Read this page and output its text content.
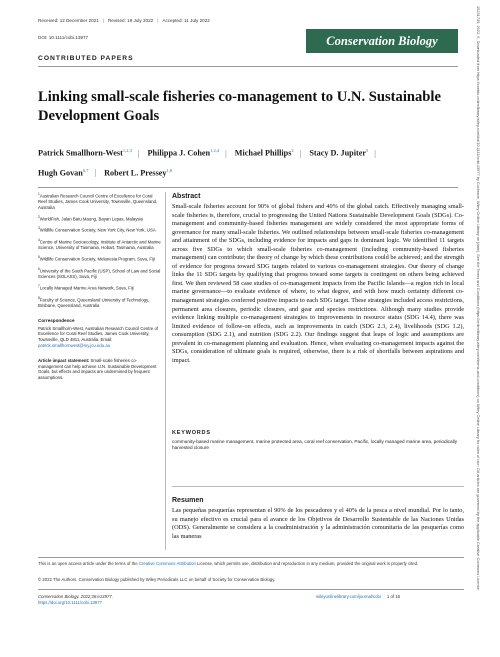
Received: 12 December 2021 | Revised: 19 July 2022 | Accepted: 11 July 2022
DOI: 10.1111/cobi.13977	Conservation Biology	15231739, 2022, 6, Downloaded from https://conbio.onlinelibrary.wiley.com/doi/10.1111/cobi.13977 by Cochrane, Wiley Online Library on [date]. See the Terms and Conditions (https://onlinelibrary.wiley.com/terms-and-conditions) on Wiley Online Library for rules of use; OA articles are governed by the applicable Creative Commons License
CONTRIBUTED PAPERS
Linking small-scale fisheries co-management to U.N. Sustainable Development Goals
Patrick Smallhorn-West$^{1,2,3}$ | Philippa J. Cohen$^{1,2,4}$ | Michael Phillips$^2$ | Stacy D. Jupiter$^5$ |
Hugh Govan$^{6,7}$ | Robert L. Pressey$^{1,8}$

$^1$Australian Research Council Centre of Excellence for Coral Reef Studies, James Cook University, Townsville, Queensland, Australia

$^2$WorldFish, Jalan Batu Maung, Bayan Lepas, Malaysia

$^3$Wildlife Conservation Society, New York City, New York, USA

$^4$Centre of Marine Socioecology, Institute of Antarctic and Marine Science, University of Tasmania, Hobart, Tasmania, Australia

$^5$Wildlife Conservation Society, Melanesia Program, Suva, Fiji

$^6$University of the South Pacific (USP), School of Law and Social Sciences (SOLASS), Suva, Fiji

$^7$Locally Managed Marine Area Network, Suva, Fiji

$^8$Faculty of Science, Queensland University of Technology, Brisbane, Queensland, Australia

Correspondence

Patrick Smallhorn-West, Australian Research Council Centre of Excellence for Coral Reef Studies, James Cook University, Townsville, QLD 4811, Australia. Email: patrick.smallhornwest@my.jcu.edu.au

Article impact statement: Small-scale fisheries co-management can help achieve U.N. Sustainable Development Goals, but effects and impacts are undermined by frequent assumptions.

Abstract

Small-scale fisheries account for 90% of global fishers and 40% of the global catch. Effectively managing small-scale fisheries is, therefore, crucial to progressing the United Nations Sustainable Development Goals (SDGs). Co-management and community-based fisheries management are widely considered the most appropriate forms of governance for many small-scale fisheries. We outlined relationships between small-scale fisheries co-management and attainment of the SDGs, including evidence for impacts and gaps in dominant logic. We identified 11 targets across five SDGs to which small-scale fisheries co-management (including community-based fisheries management) can contribute; the theory of change by which these contributions could be achieved; and the strength of evidence for progress toward SDG targets related to various co-management strategies. Our theory of change links the 11 SDG targets by qualifying that progress toward some targets is contingent on others being achieved first. We then reviewed 58 case studies of co-management impacts from the Pacific Islands—a region rich in local marine governance—to evaluate evidence of where, to what degree, and with how much certainty different co-management strategies conferred positive impacts to each SDG target. These strategies included access restrictions, permanent area closures, periodic closures, and gear and species restrictions. Although many studies provide evidence linking multiple co-management strategies to improvements in resource status (SDG 14.4), there was limited evidence of follow-on effects, such as improvements in catch (SDG 2.3, 2.4), livelihoods (SDG 1.2), consumption (SDG 2.1), and nutrition (SDG 2.2). Our findings suggest that leaps of logic and assumptions are prevalent in co-management planning and evaluation. Hence, when evaluating co-management impacts against the SDGs, consideration of ultimate goals is required, otherwise, there is a risk of shortfalls between aspirations and impact.

KEYWORDS

community-based marine management, marine protected area, coral reef conservation, Pacific, locally managed marine area, periodically harvested closure

Resumen

Las pequeñas pesquerías representan el 90% de los pescadores y el 40% de la pesca a nivel mundial. Por lo tanto, su manejo efectivo es crucial para el avance de los Objetivos de Desarrollo Sustentable de las Naciones Unidas (ODS). Generalmente se considera a la coadministración y la administración comunitaria de las pesquerías como las maneras

This is an open access article under the terms of the Creative Commons Attribution License, which permits use, distribution and reproduction in any medium, provided the original work is properly cited.

© 2022 The Authors. Conservation Biology published by Wiley Periodicals LLC on behalf of Society for Conservation Biology.

Conservation Biology. 2022;36:e13977.
https://doi.org/10.1111/cobi.13977

wileyonlinelibrary.com/journal/cobi 1 of 16
